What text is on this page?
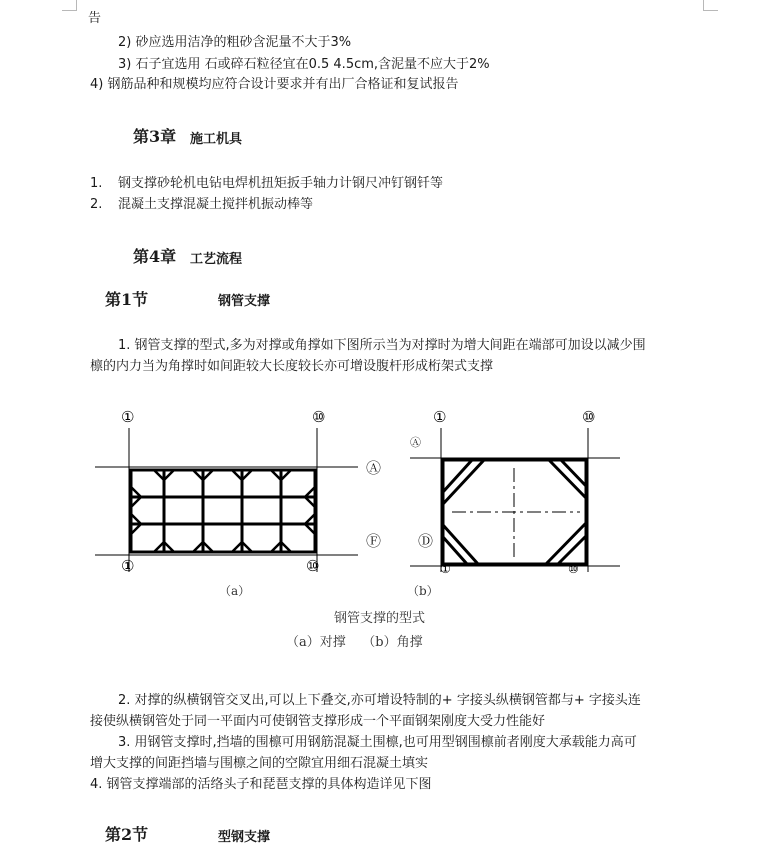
告
2) 砂应选用洁净的粗砂含泥量不大于3%
3) 石子宜选用 石或碎石粒径宜在0.5 4.5cm,含泥量不应大于2%
4) 钢筋品种和规模均应符合设计要求并有出厂合格证和复试报告
第3章 施工机具
1. 钢支撑砂轮机电钻电焊机扭矩扳手轴力计钢尺冲钉钢钎等
2. 混凝土支撑混凝土搅拌机振动棒等
第4章 工艺流程
第1节	钢管支撑
1. 钢管支撑的型式,多为对撑或角撑如下图所示当为对撑时为增大间距在端部可加设以减少围
檩的内力当为角撑时如间距较大长度较长亦可增设腹杆形成桁架式支撑
①	⑩
Ⓐ
Ⓕ
①	⑩
①	⑩
Ⓐ
Ⓓ
①	⑩
（a）	（b）
钢管支撑的型式
（a）对撑    （b）角撑
2. 对撑的纵横钢管交叉出,可以上下叠交,亦可增设特制的+ 字接头纵横钢管都与+ 字接头连
接使纵横钢管处于同一平面内可使钢管支撑形成一个平面钢架刚度大受力性能好
3. 用钢管支撑时,挡墙的围檩可用钢筋混凝土围檩,也可用型钢围檩前者刚度大承载能力高可
增大支撑的间距挡墙与围檩之间的空隙宜用细石混凝土填实
4. 钢管支撑端部的活络头子和琵琶支撑的具体构造详见下图
第2节	型钢支撑
